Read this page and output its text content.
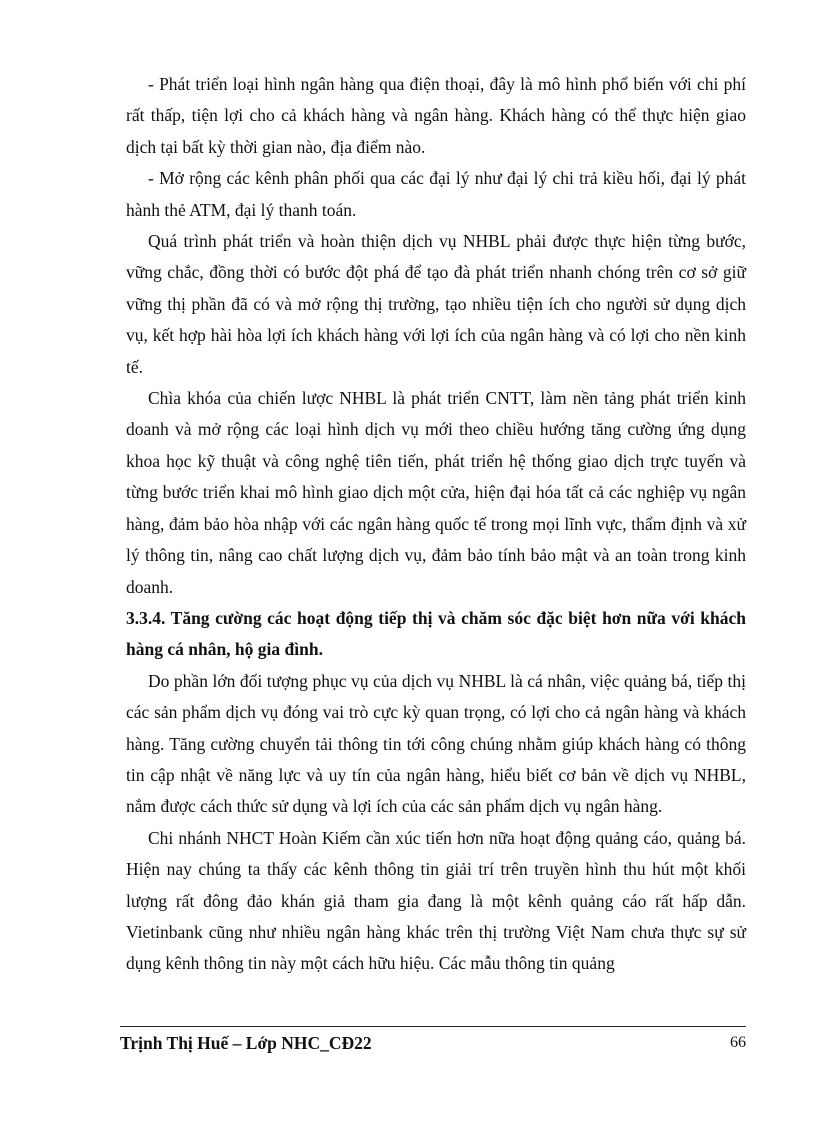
- Phát triển loại hình ngân hàng qua điện thoại, đây là mô hình phổ biến với chi phí rất thấp, tiện lợi cho cả khách hàng và ngân hàng. Khách hàng có thể thực hiện giao dịch tại bất kỳ thời gian nào, địa điểm nào.

- Mở rộng các kênh phân phối qua các đại lý như đại lý chi trả kiều hối, đại lý phát hành thẻ ATM, đại lý thanh toán.

Quá trình phát triển và hoàn thiện dịch vụ NHBL phải được thực hiện từng bước, vững chắc, đồng thời có bước đột phá để tạo đà phát triển nhanh chóng trên cơ sở giữ vững thị phần đã có và mở rộng thị trường, tạo nhiều tiện ích cho người sử dụng dịch vụ, kết hợp hài hòa lợi ích khách hàng với lợi ích của ngân hàng và có lợi cho nền kinh tế.

Chìa khóa của chiến lược NHBL là phát triển CNTT, làm nền tảng phát triển kinh doanh và mở rộng các loại hình dịch vụ mới theo chiều hướng tăng cường ứng dụng khoa học kỹ thuật và công nghệ tiên tiến, phát triển hệ thống giao dịch trực tuyến và từng bước triển khai mô hình giao dịch một cửa, hiện đại hóa tất cả các nghiệp vụ ngân hàng, đảm bảo hòa nhập với các ngân hàng quốc tế trong mọi lĩnh vực, thẩm định và xử lý thông tin, nâng cao chất lượng dịch vụ, đảm bảo tính bảo mật và an toàn trong kinh doanh.

3.3.4. Tăng cường các hoạt động tiếp thị và chăm sóc đặc biệt hơn nữa với khách hàng cá nhân, hộ gia đình.

Do phần lớn đối tượng phục vụ của dịch vụ NHBL là cá nhân, việc quảng bá, tiếp thị các sản phẩm dịch vụ đóng vai trò cực kỳ quan trọng, có lợi cho cả ngân hàng và khách hàng. Tăng cường chuyển tải thông tin tới công chúng nhằm giúp khách hàng có thông tin cập nhật về năng lực và uy tín của ngân hàng, hiểu biết cơ bản về dịch vụ NHBL, nắm được cách thức sử dụng và lợi ích của các sản phẩm dịch vụ ngân hàng.

Chi nhánh NHCT Hoàn Kiếm cần xúc tiến hơn nữa hoạt động quảng cáo, quảng bá. Hiện nay chúng ta thấy các kênh thông tin giải trí trên truyền hình thu hút một khối lượng rất đông đảo khán giả tham gia đang là một kênh quảng cáo rất hấp dẫn. Vietinbank cũng như nhiều ngân hàng khác trên thị trường Việt Nam chưa thực sự sử dụng kênh thông tin này một cách hữu hiệu. Các mẫu thông tin quảng

Trịnh Thị Huế – Lớp NHC_CĐ22	66
